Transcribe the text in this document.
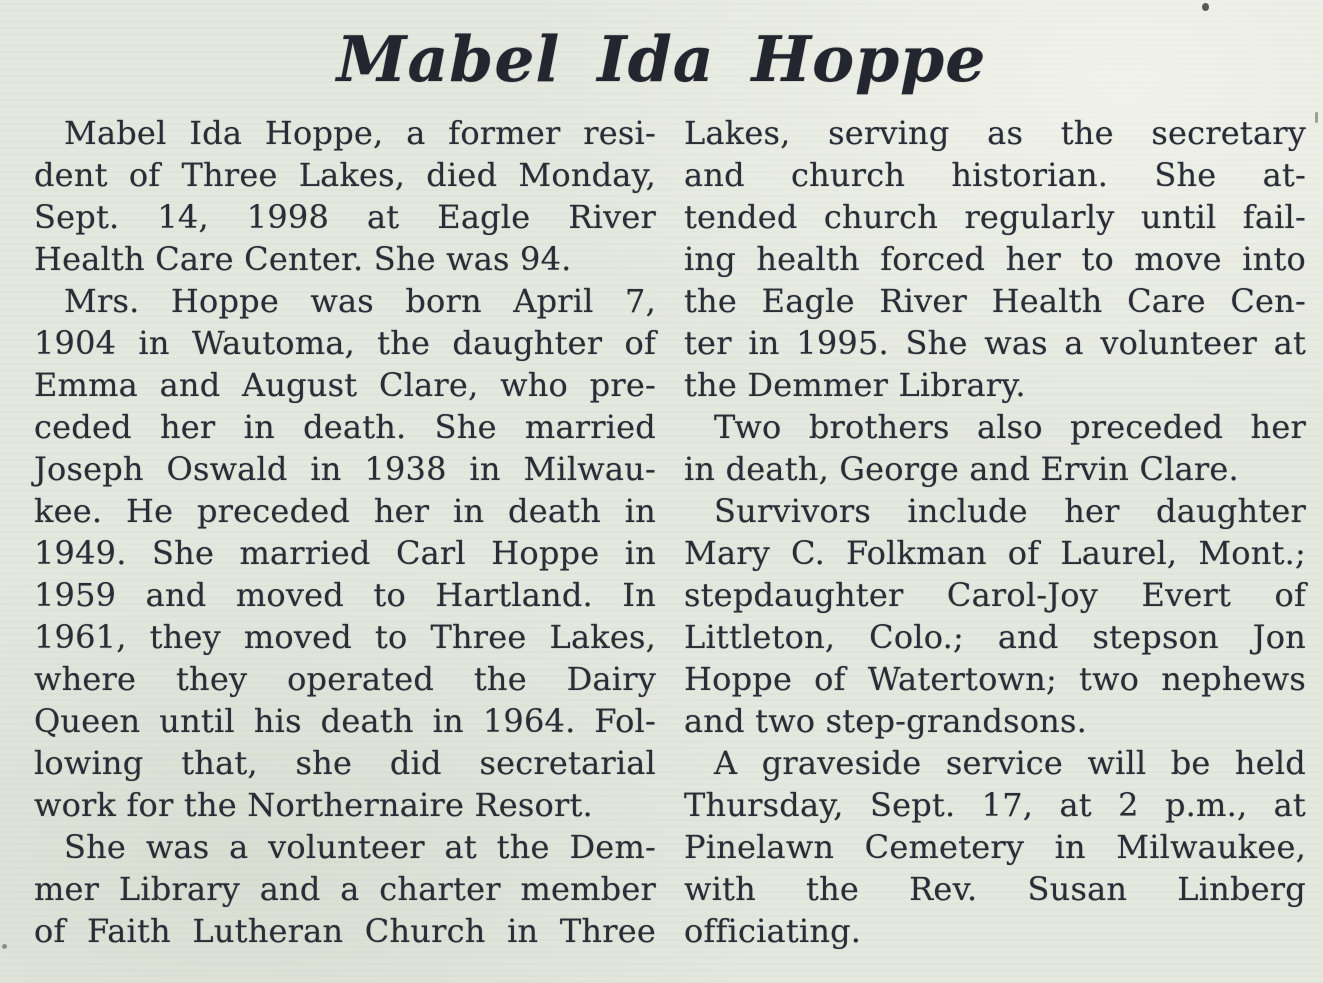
Mabel Ida Hoppe
Mabel Ida Hoppe, a former resi-
dent of Three Lakes, died Monday,
Sept. 14, 1998 at Eagle River
Health Care Center. She was 94.
Mrs. Hoppe was born April 7,
1904 in Wautoma, the daughter of
Emma and August Clare, who pre-
ceded her in death. She married
Joseph Oswald in 1938 in Milwau-
kee. He preceded her in death in
1949. She married Carl Hoppe in
1959 and moved to Hartland. In
1961, they moved to Three Lakes,
where they operated the Dairy
Queen until his death in 1964. Fol-
lowing that, she did secretarial
work for the Northernaire Resort.
She was a volunteer at the Dem-
mer Library and a charter member
of Faith Lutheran Church in Three
Lakes, serving as the secretary
and church historian. She at-
tended church regularly until fail-
ing health forced her to move into
the Eagle River Health Care Cen-
ter in 1995. She was a volunteer at
the Demmer Library.
Two brothers also preceded her
in death, George and Ervin Clare.
Survivors include her daughter
Mary C. Folkman of Laurel, Mont.;
stepdaughter Carol-Joy Evert of
Littleton, Colo.; and stepson Jon
Hoppe of Watertown; two nephews
and two step-grandsons.
A graveside service will be held
Thursday, Sept. 17, at 2 p.m., at
Pinelawn Cemetery in Milwaukee,
with the Rev. Susan Linberg
officiating.
